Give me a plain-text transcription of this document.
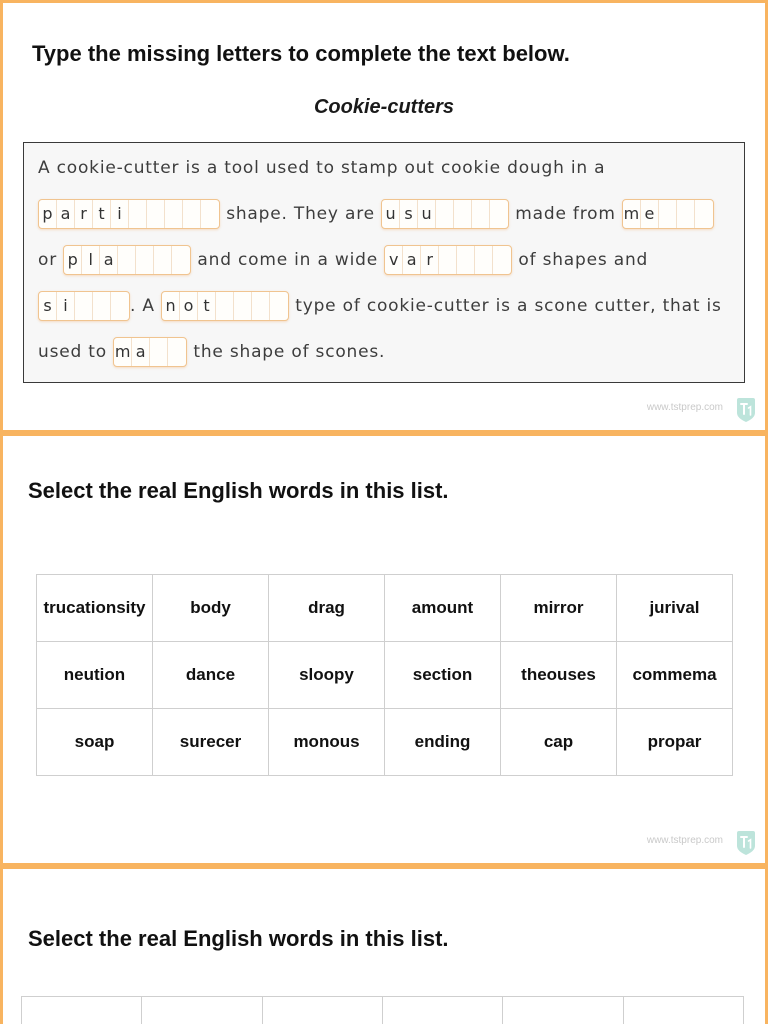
Type the missing letters to complete the text below.
Cookie-cutters
A cookie-cutter is a tool used to stamp out cookie dough in a
p a r t i	shape. They are u s u	made from m e
or p l a	and come in a wide v a r	of shapes and
s i	. A n o t	type of cookie-cutter is a scone cutter, that is
used to m a the shape of scones.

www.tstprep.com

Select the real English words in this list.
trucationsity	body	drag	amount	mirror	jurival
neution	dance	sloopy	section	theouses	commema
soap	surecer	monous	ending	cap	propar

www.tstprep.com

Select the real English words in this list.
